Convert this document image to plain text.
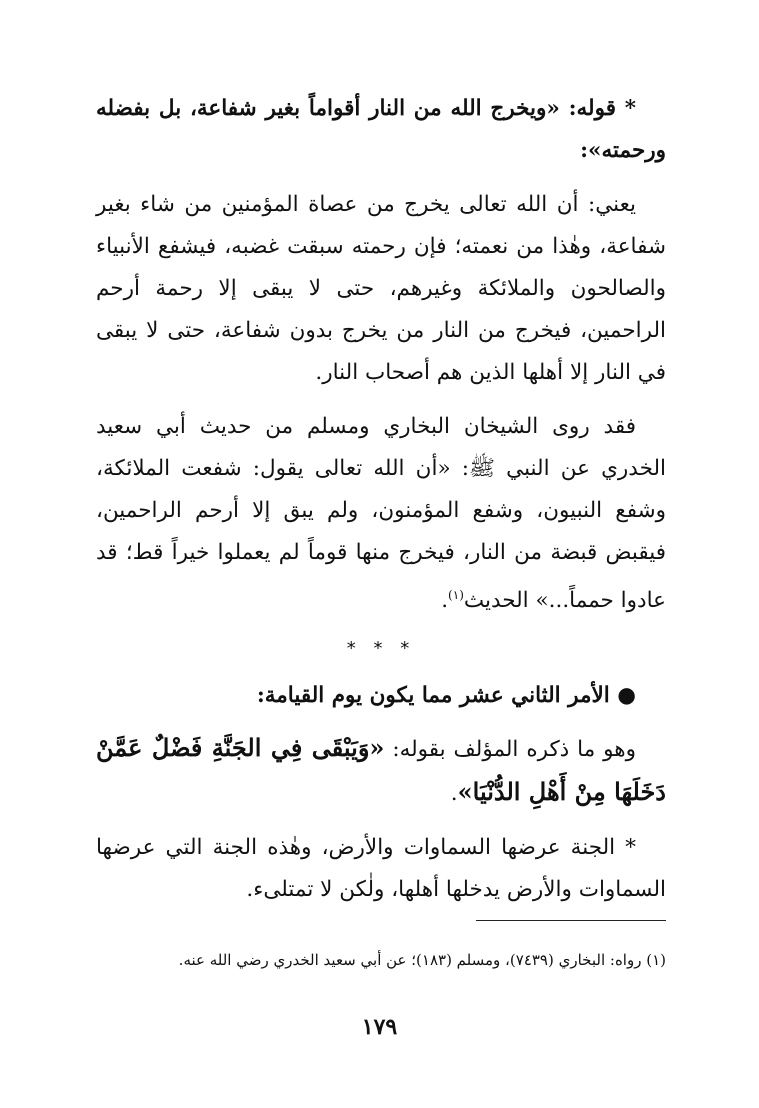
* قوله: «ويخرج الله من النار أقواماً بغير شفاعة، بل بفضله ورحمته»:

يعني: أن الله تعالى يخرج من عصاة المؤمنين من شاء بغير شفاعة، وهٰذا من نعمته؛ فإن رحمته سبقت غضبه، فيشفع الأنبياء والصالحون والملائكة وغيرهم، حتى لا يبقى إلا رحمة أرحم الراحمين، فيخرج من النار من يخرج بدون شفاعة، حتى لا يبقى في النار إلا أهلها الذين هم أصحاب النار.

فقد روى الشيخان البخاري ومسلم من حديث أبي سعيد الخدري عن النبي ﷺ: «أن الله تعالى يقول: شفعت الملائكة، وشفع النبيون، وشفع المؤمنون، ولم يبق إلا أرحم الراحمين، فيقبض قبضة من النار، فيخرج منها قوماً لم يعملوا خيراً قط؛ قد عادوا حمماً...» الحديث$^{(١)}$.

* * *

● الأمر الثاني عشر مما يكون يوم القيامة:

وهو ما ذكره المؤلف بقوله: «وَيَبْقَى فِي الجَنَّةِ فَضْلٌ عَمَّنْ دَخَلَهَا مِنْ أَهْلِ الدُّنْيَا».

* الجنة عرضها السماوات والأرض، وهٰذه الجنة التي عرضها السماوات والأرض يدخلها أهلها، ولٰكن لا تمتلىء.

(١) رواه: البخاري (٧٤٣٩)، ومسلم (١٨٣)؛ عن أبي سعيد الخدري رضي الله عنه.
١٧٩
